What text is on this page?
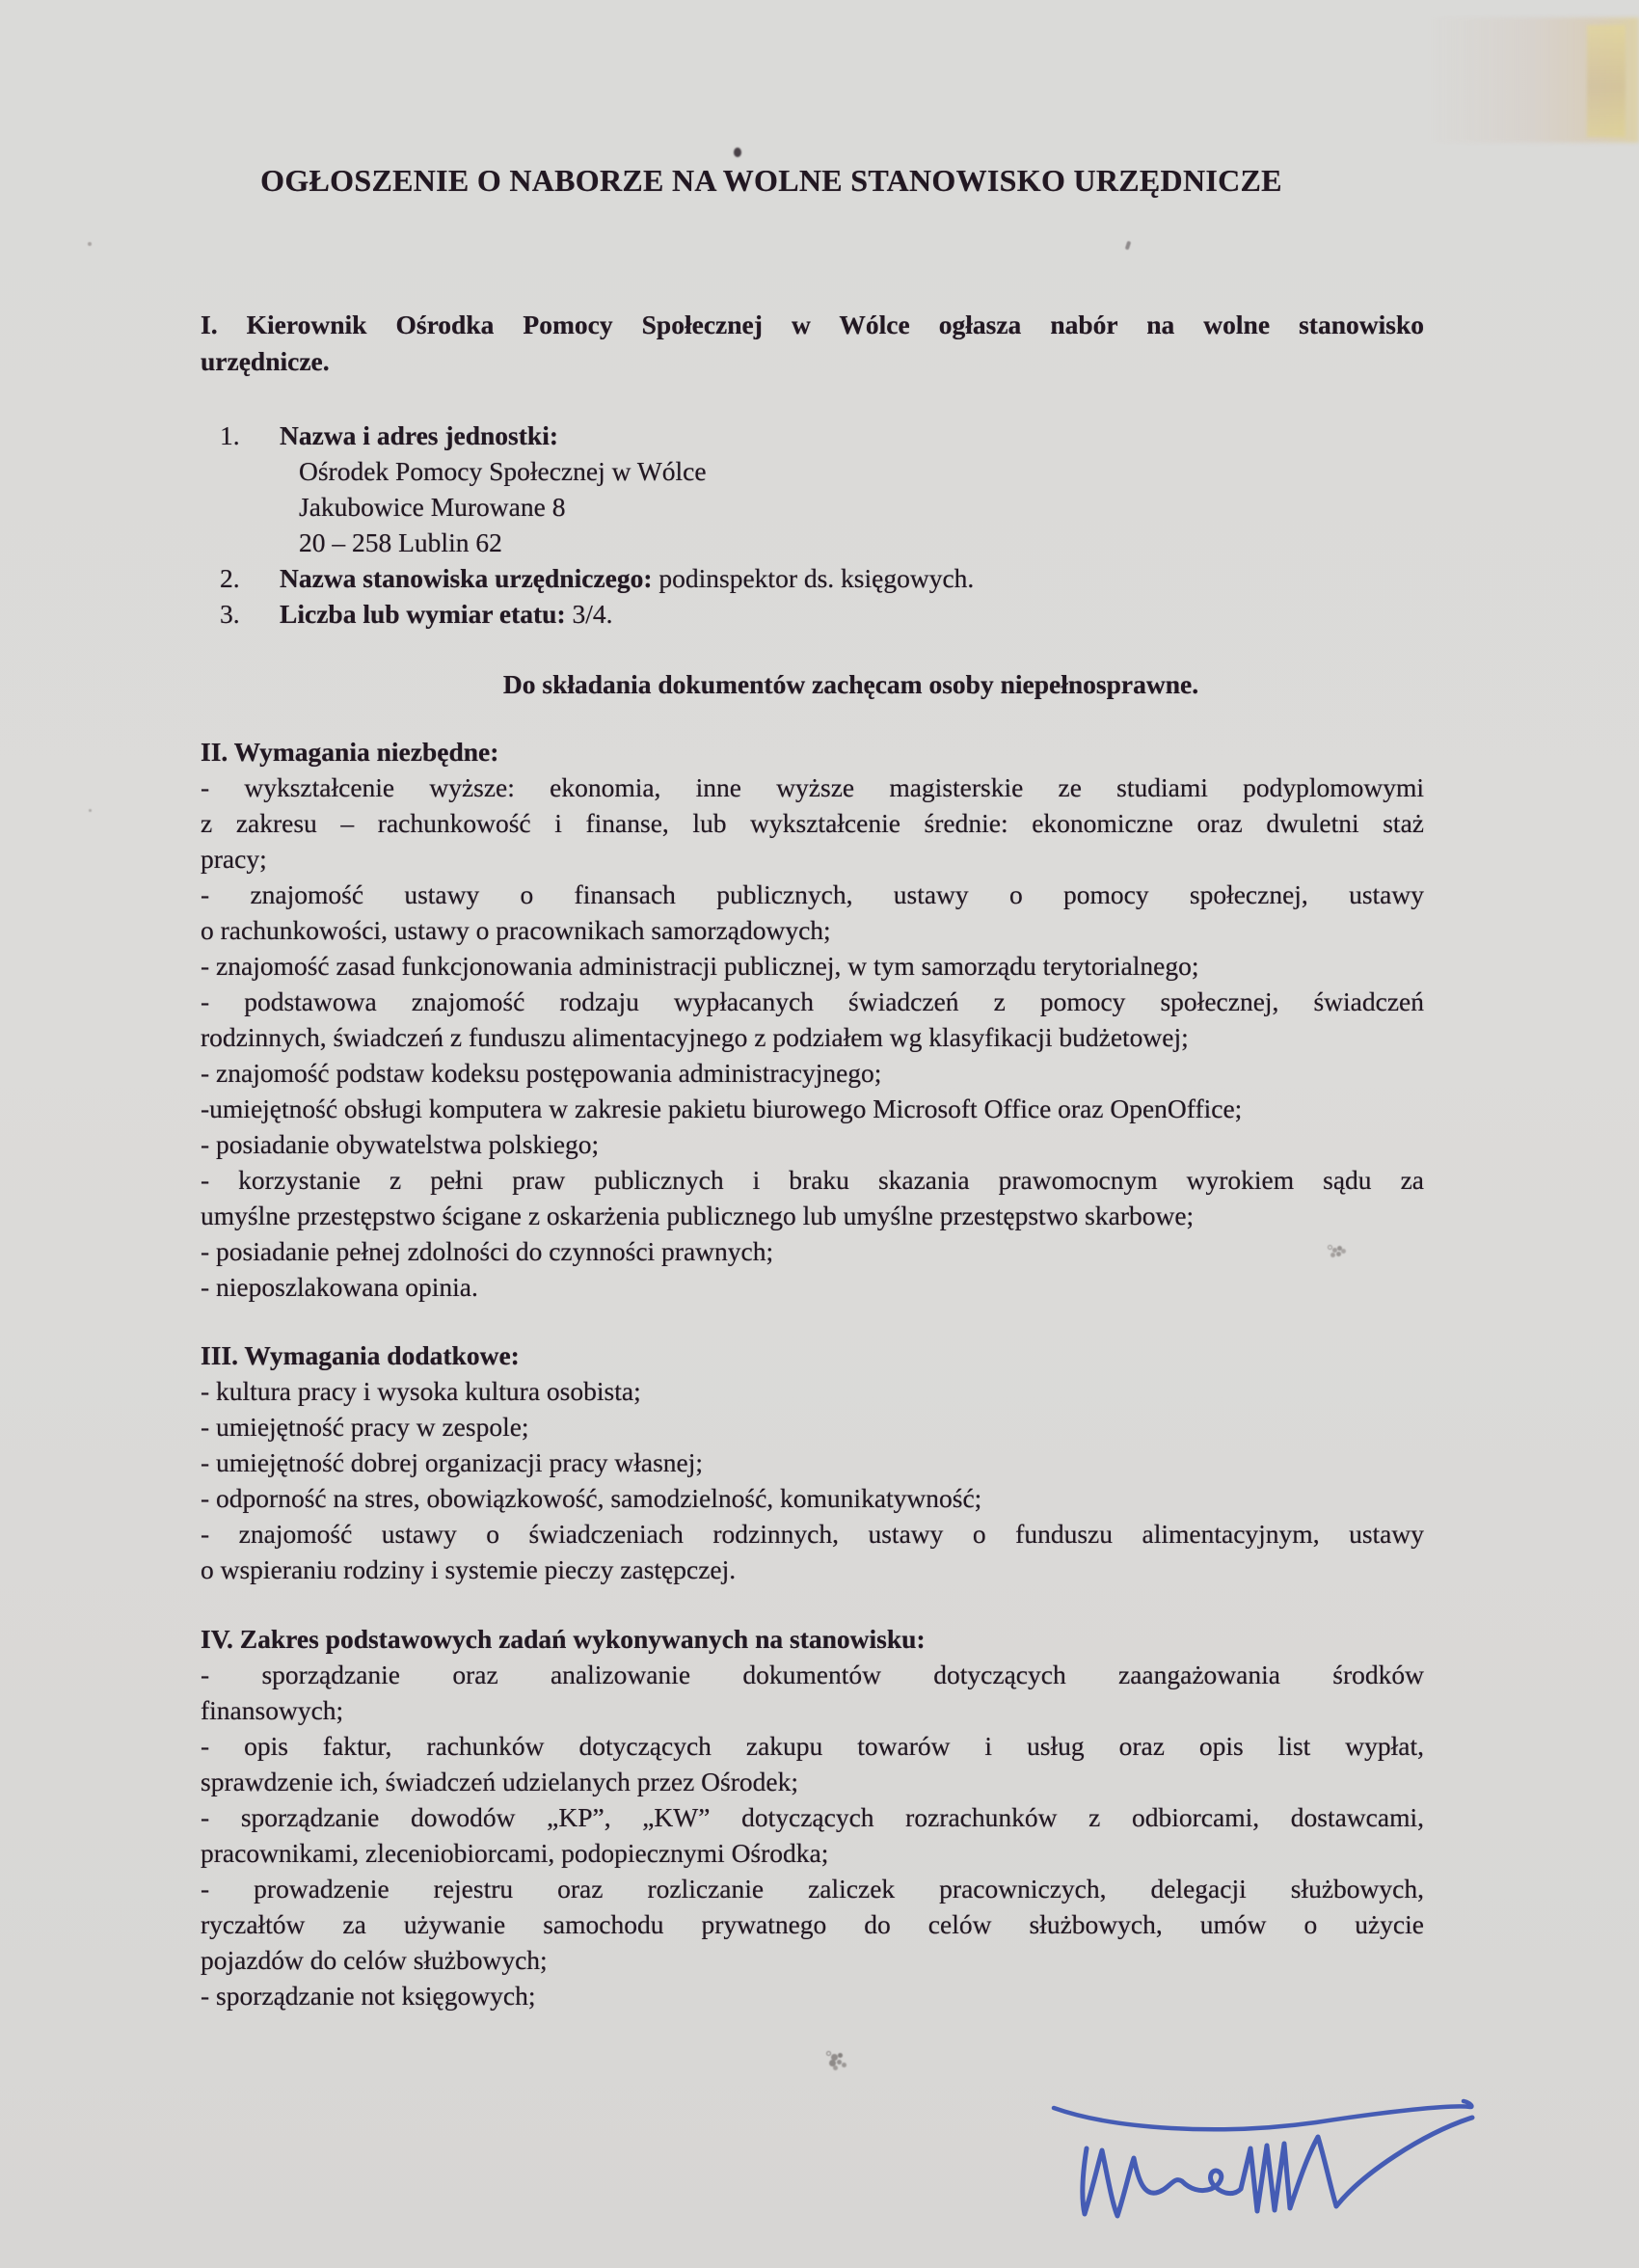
OGŁOSZENIE O NABORZE NA WOLNE STANOWISKO URZĘDNICZE
I. Kierownik Ośrodka Pomocy Społecznej w Wólce ogłasza nabór na wolne stanowisko
urzędnicze.
1. Nazwa i adres jednostki:
Ośrodek Pomocy Społecznej w Wólce
Jakubowice Murowane 8
20 – 258 Lublin 62
2. Nazwa stanowiska urzędniczego: podinspektor ds. księgowych.
3. Liczba lub wymiar etatu: 3/4.
Do składania dokumentów zachęcam osoby niepełnosprawne.
II. Wymagania niezbędne:
- wykształcenie wyższe: ekonomia, inne wyższe magisterskie ze studiami podyplomowymi
z zakresu – rachunkowość i finanse, lub wykształcenie średnie: ekonomiczne oraz dwuletni staż
pracy;
- znajomość ustawy o finansach publicznych, ustawy o pomocy społecznej, ustawy
o rachunkowości, ustawy o pracownikach samorządowych;
- znajomość zasad funkcjonowania administracji publicznej, w tym samorządu terytorialnego;
- podstawowa znajomość rodzaju wypłacanych świadczeń z pomocy społecznej, świadczeń
rodzinnych, świadczeń z funduszu alimentacyjnego z podziałem wg klasyfikacji budżetowej;
- znajomość podstaw kodeksu postępowania administracyjnego;
-umiejętność obsługi komputera w zakresie pakietu biurowego Microsoft Office oraz OpenOffice;
- posiadanie obywatelstwa polskiego;
- korzystanie z pełni praw publicznych i braku skazania prawomocnym wyrokiem sądu za
umyślne przestępstwo ścigane z oskarżenia publicznego lub umyślne przestępstwo skarbowe;
- posiadanie pełnej zdolności do czynności prawnych;
- nieposzlakowana opinia.
III. Wymagania dodatkowe:
- kultura pracy i wysoka kultura osobista;
- umiejętność pracy w zespole;
- umiejętność dobrej organizacji pracy własnej;
- odporność na stres, obowiązkowość, samodzielność, komunikatywność;
- znajomość ustawy o świadczeniach rodzinnych, ustawy o funduszu alimentacyjnym, ustawy
o wspieraniu rodziny i systemie pieczy zastępczej.
IV. Zakres podstawowych zadań wykonywanych na stanowisku:
- sporządzanie oraz analizowanie dokumentów dotyczących zaangażowania środków
finansowych;
- opis faktur, rachunków dotyczących zakupu towarów i usług oraz opis list wypłat,
sprawdzenie ich, świadczeń udzielanych przez Ośrodek;
- sporządzanie dowodów „KP”, „KW” dotyczących rozrachunków z odbiorcami, dostawcami,
pracownikami, zleceniobiorcami, podopiecznymi Ośrodka;
- prowadzenie rejestru oraz rozliczanie zaliczek pracowniczych, delegacji służbowych,
ryczałtów za używanie samochodu prywatnego do celów służbowych, umów o użycie
pojazdów do celów służbowych;
- sporządzanie not księgowych;
